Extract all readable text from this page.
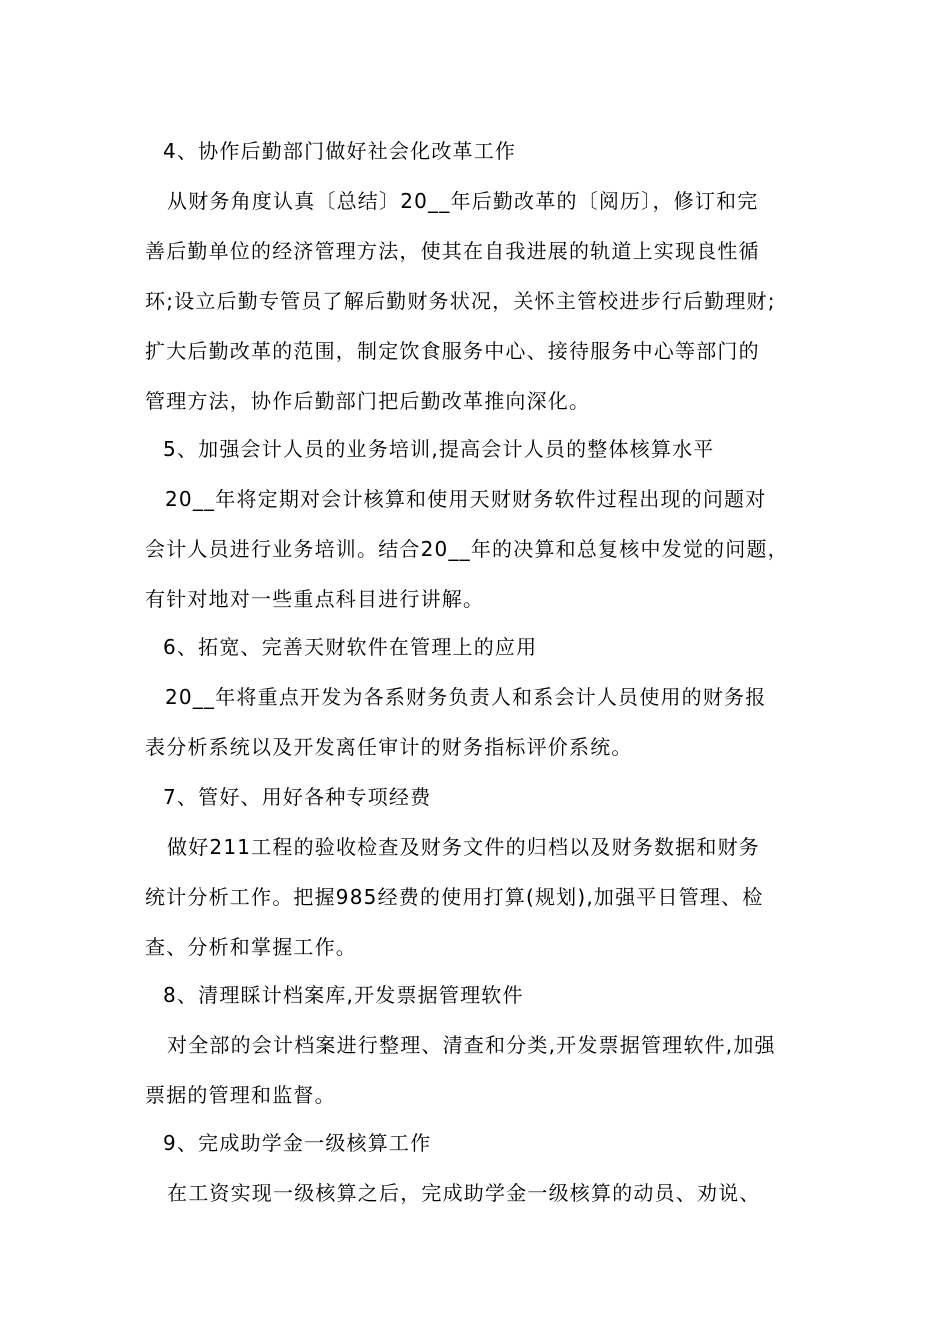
4、协作后勤部门做好社会化改革工作
从财务角度认真〔总结〕20__年后勤改革的〔阅历〕，修订和完
善后勤单位的经济管理方法，使其在自我进展的轨道上实现良性循
环;设立后勤专管员了解后勤财务状况，关怀主管校进步行后勤理财;
扩大后勤改革的范围，制定饮食服务中心、接待服务中心等部门的
管理方法，协作后勤部门把后勤改革推向深化。
5、加强会计人员的业务培训,提高会计人员的整体核算水平
20__年将定期对会计核算和使用天财财务软件过程出现的问题对
会计人员进行业务培训。结合20__年的决算和总复核中发觉的问题，
有针对地对一些重点科目进行讲解。
6、拓宽、完善天财软件在管理上的应用
20__年将重点开发为各系财务负责人和系会计人员使用的财务报
表分析系统以及开发离任审计的财务指标评价系统。
7、管好、用好各种专项经费
做好211工程的验收检查及财务文件的归档以及财务数据和财务
统计分析工作。把握985经费的使用打算(规划),加强平日管理、检
查、分析和掌握工作。
8、清理睬计档案库,开发票据管理软件
对全部的会计档案进行整理、清查和分类,开发票据管理软件,加强
票据的管理和监督。
9、完成助学金一级核算工作
在工资实现一级核算之后，完成助学金一级核算的动员、劝说、
